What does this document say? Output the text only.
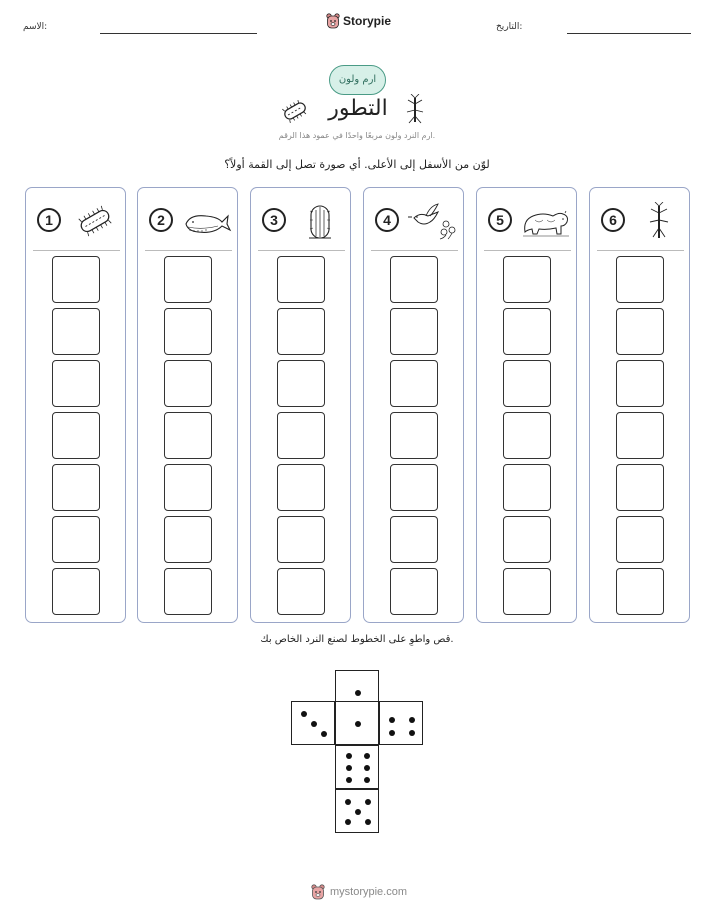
الاسم:	Storypie	التاريخ:
ارم ولون
التطور
ارم النرد ولون مربعًا واحدًا في عمود هذا الرقم.
لوّن من الأسفل إلى الأعلى. أي صورة تصل إلى القمة أولاً؟
1	2	3	4	5	6
قص واطوِ على الخطوط لصنع النرد الخاص بك.
mystorypie.com
